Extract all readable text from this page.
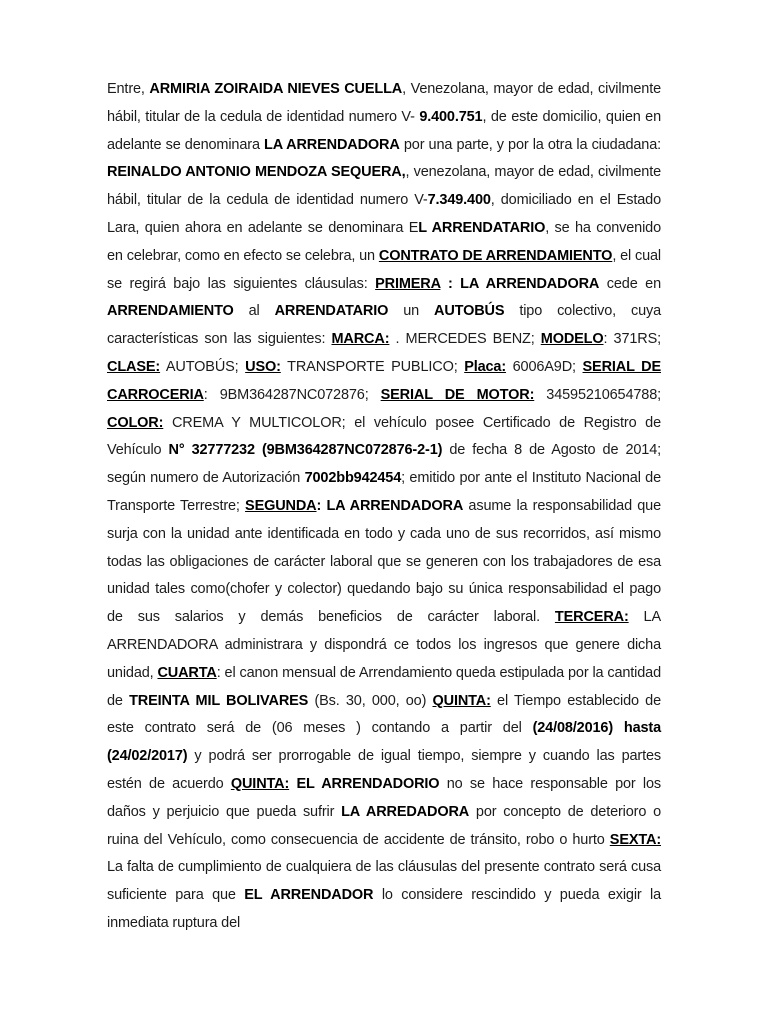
Entre, ARMIRIA ZOIRAIDA NIEVES CUELLA, Venezolana, mayor de edad, civilmente hábil, titular de la cedula de identidad numero V- 9.400.751, de este domicilio, quien en adelante se denominara LA ARRENDADORA por una parte, y por la otra la ciudadana: REINALDO ANTONIO MENDOZA SEQUERA,, venezolana, mayor de edad, civilmente hábil, titular de la cedula de identidad numero V-7.349.400, domiciliado en el Estado Lara, quien ahora en adelante se denominara EL ARRENDATARIO, se ha convenido en celebrar, como en efecto se celebra, un CONTRATO DE ARRENDAMIENTO, el cual se regirá bajo las siguientes cláusulas: PRIMERA : LA ARRENDADORA cede en ARRENDAMIENTO al ARRENDATARIO un AUTOBÚS tipo colectivo, cuya características son las siguientes: MARCA: . MERCEDES BENZ; MODELO: 371RS; CLASE: AUTOBÚS; USO: TRANSPORTE PUBLICO; Placa: 6006A9D; SERIAL DE CARROCERIA: 9BM364287NC072876; SERIAL DE MOTOR: 34595210654788; COLOR: CREMA Y MULTICOLOR; el vehículo posee Certificado de Registro de Vehículo N° 32777232 (9BM364287NC072876-2-1) de fecha 8 de Agosto de 2014; según numero de Autorización 7002bb942454; emitido por ante el Instituto Nacional de Transporte Terrestre; SEGUNDA: LA ARRENDADORA asume la responsabilidad que surja con la unidad ante identificada en todo y cada uno de sus recorridos, así mismo todas las obligaciones de carácter laboral que se generen con los trabajadores de esa unidad tales como(chofer y colector) quedando bajo su única responsabilidad el pago de sus salarios y demás beneficios de carácter laboral. TERCERA: LA ARRENDADORA administrara y dispondrá ce todos los ingresos que genere dicha unidad, CUARTA: el canon mensual de Arrendamiento queda estipulada por la cantidad de TREINTA MIL BOLIVARES (Bs. 30, 000, oo) QUINTA: el Tiempo establecido de este contrato será de (06 meses ) contando a partir del (24/08/2016) hasta (24/02/2017) y podrá ser prorrogable de igual tiempo, siempre y cuando las partes estén de acuerdo QUINTA: EL ARRENDADORIO no se hace responsable por los daños y perjuicio que pueda sufrir LA ARREDADORA por concepto de deterioro o ruina del Vehículo, como consecuencia de accidente de tránsito, robo o hurto SEXTA: La falta de cumplimiento de cualquiera de las cláusulas del presente contrato será cusa suficiente para que EL ARRENDADOR lo considere rescindido y pueda exigir la inmediata ruptura del
